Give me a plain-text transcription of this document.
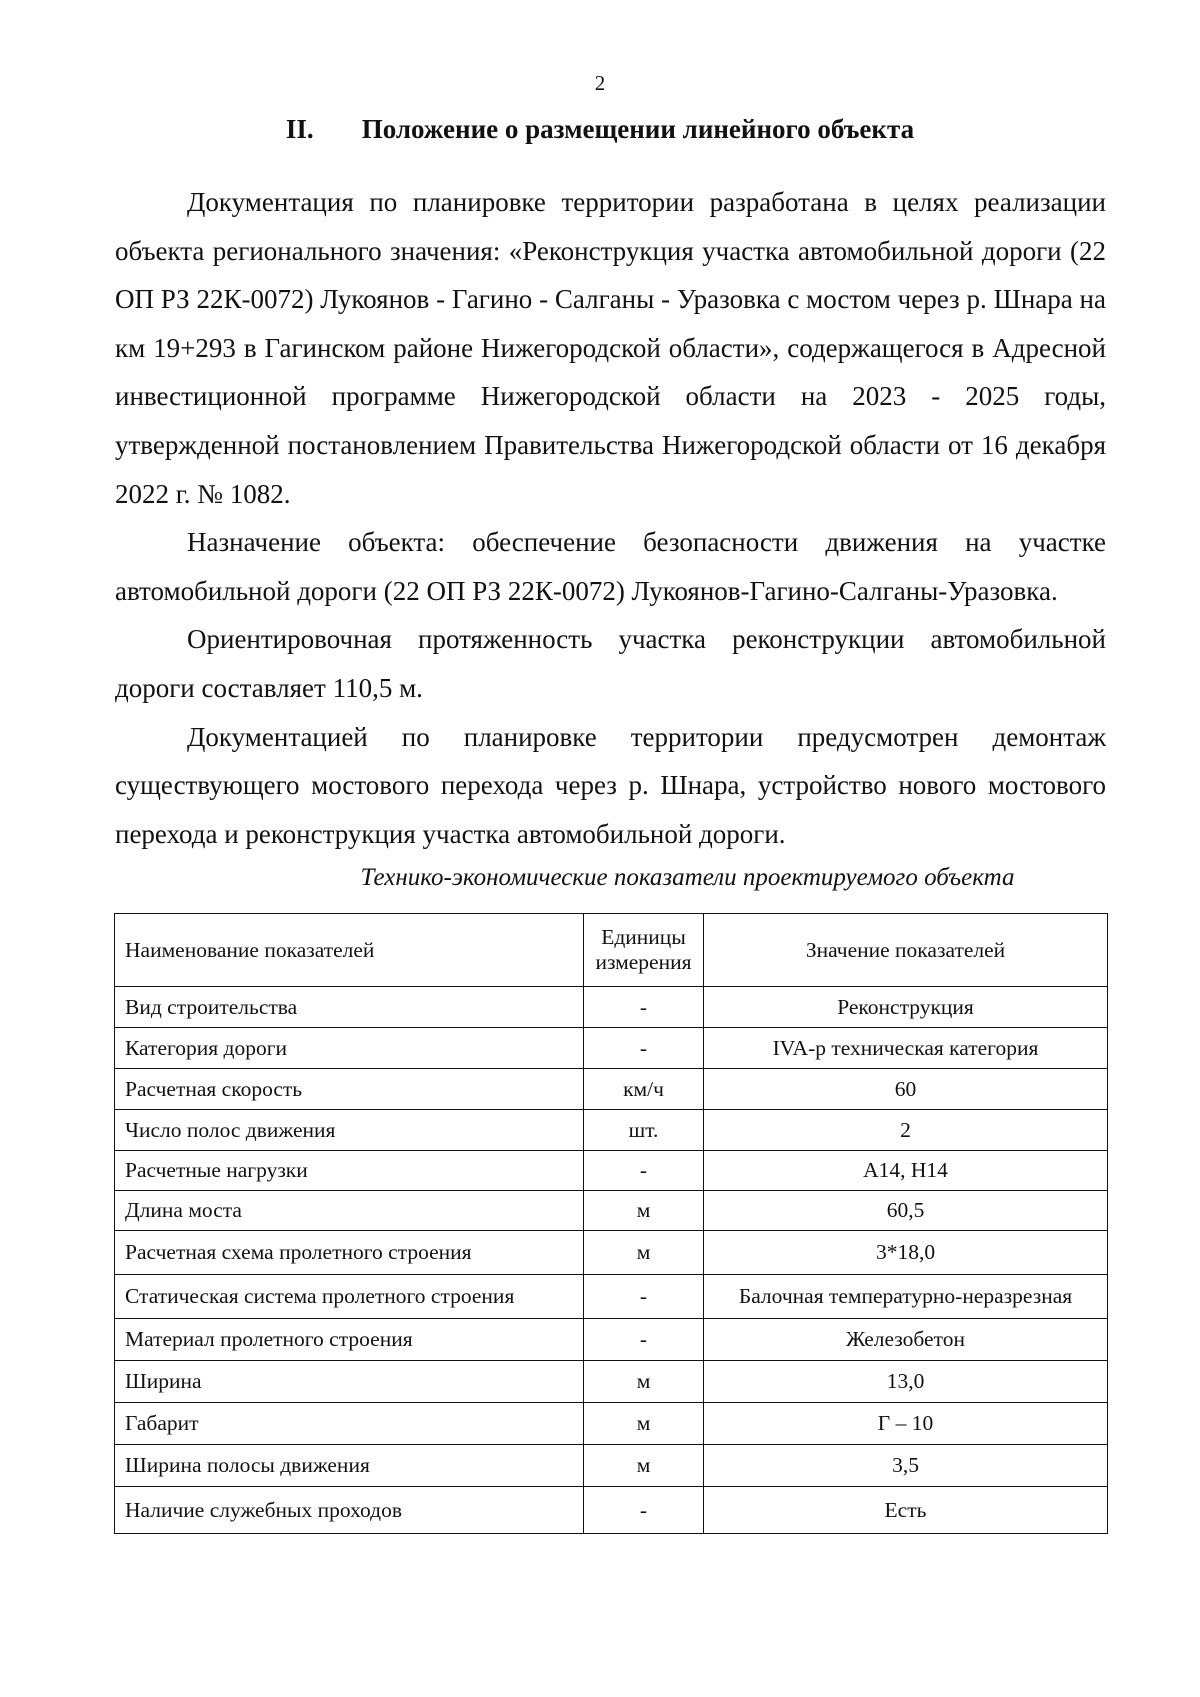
2
II. Положение о размещении линейного объекта

Документация по планировке территории разработана в целях реализации объекта регионального значения: «Реконструкция участка автомобильной дороги (22 ОП РЗ 22К-0072) Лукоянов - Гагино - Салганы - Уразовка с мостом через р. Шнара на км 19+293 в Гагинском районе Нижегородской области», содержащегося в Адресной инвестиционной программе Нижегородской области на 2023 - 2025 годы, утвержденной постановлением Правительства Нижегородской области от 16 декабря 2022 г. № 1082.

Назначение объекта: обеспечение безопасности движения на участке автомобильной дороги (22 ОП РЗ 22К-0072) Лукоянов-Гагино-Салганы-Уразовка.

Ориентировочная протяженность участка реконструкции автомобильной дороги составляет 110,5 м.

Документацией по планировке территории предусмотрен демонтаж существующего мостового перехода через р. Шнара, устройство нового мостового перехода и реконструкция участка автомобильной дороги.

Технико-экономические показатели проектируемого объекта
Наименование показателей	Единицы измерения	Значение показателей
Вид строительства	-	Реконструкция
Категория дороги	-	IVA-р техническая категория
Расчетная скорость	км/ч	60
Число полос движения	шт.	2
Расчетные нагрузки	-	А14, Н14
Длина моста	м	60,5
Расчетная схема пролетного строения	м	3*18,0
Статическая система пролетного строения	-	Балочная температурно-неразрезная
Материал пролетного строения	-	Железобетон
Ширина	м	13,0
Габарит	м	Г – 10
Ширина полосы движения	м	3,5
Наличие служебных проходов	-	Есть
